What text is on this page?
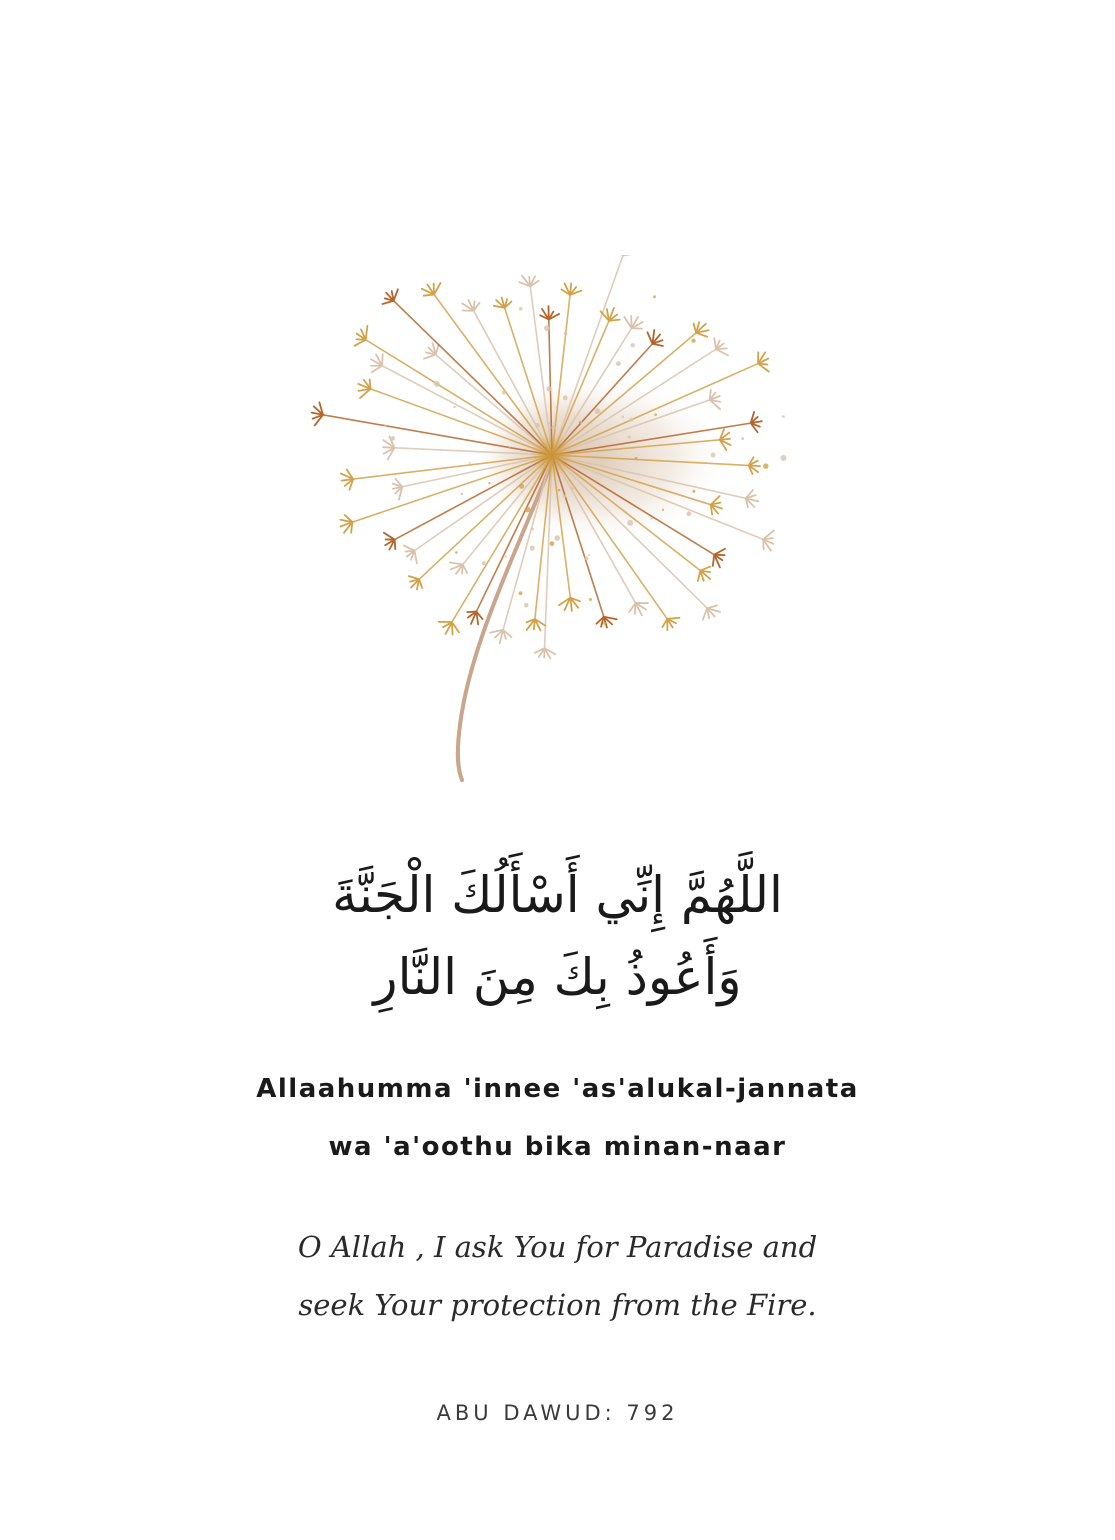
اللَّهُمَّ إِنِّي أَسْأَلُكَ الْجَنَّةَ
وَأَعُوذُ بِكَ مِنَ النَّارِ
Allaahumma 'innee 'as'alukal-jannata
wa 'a'oothu bika minan-naar
O Allah , I ask You for Paradise and
seek Your protection from the Fire.
ABU DAWUD: 792
